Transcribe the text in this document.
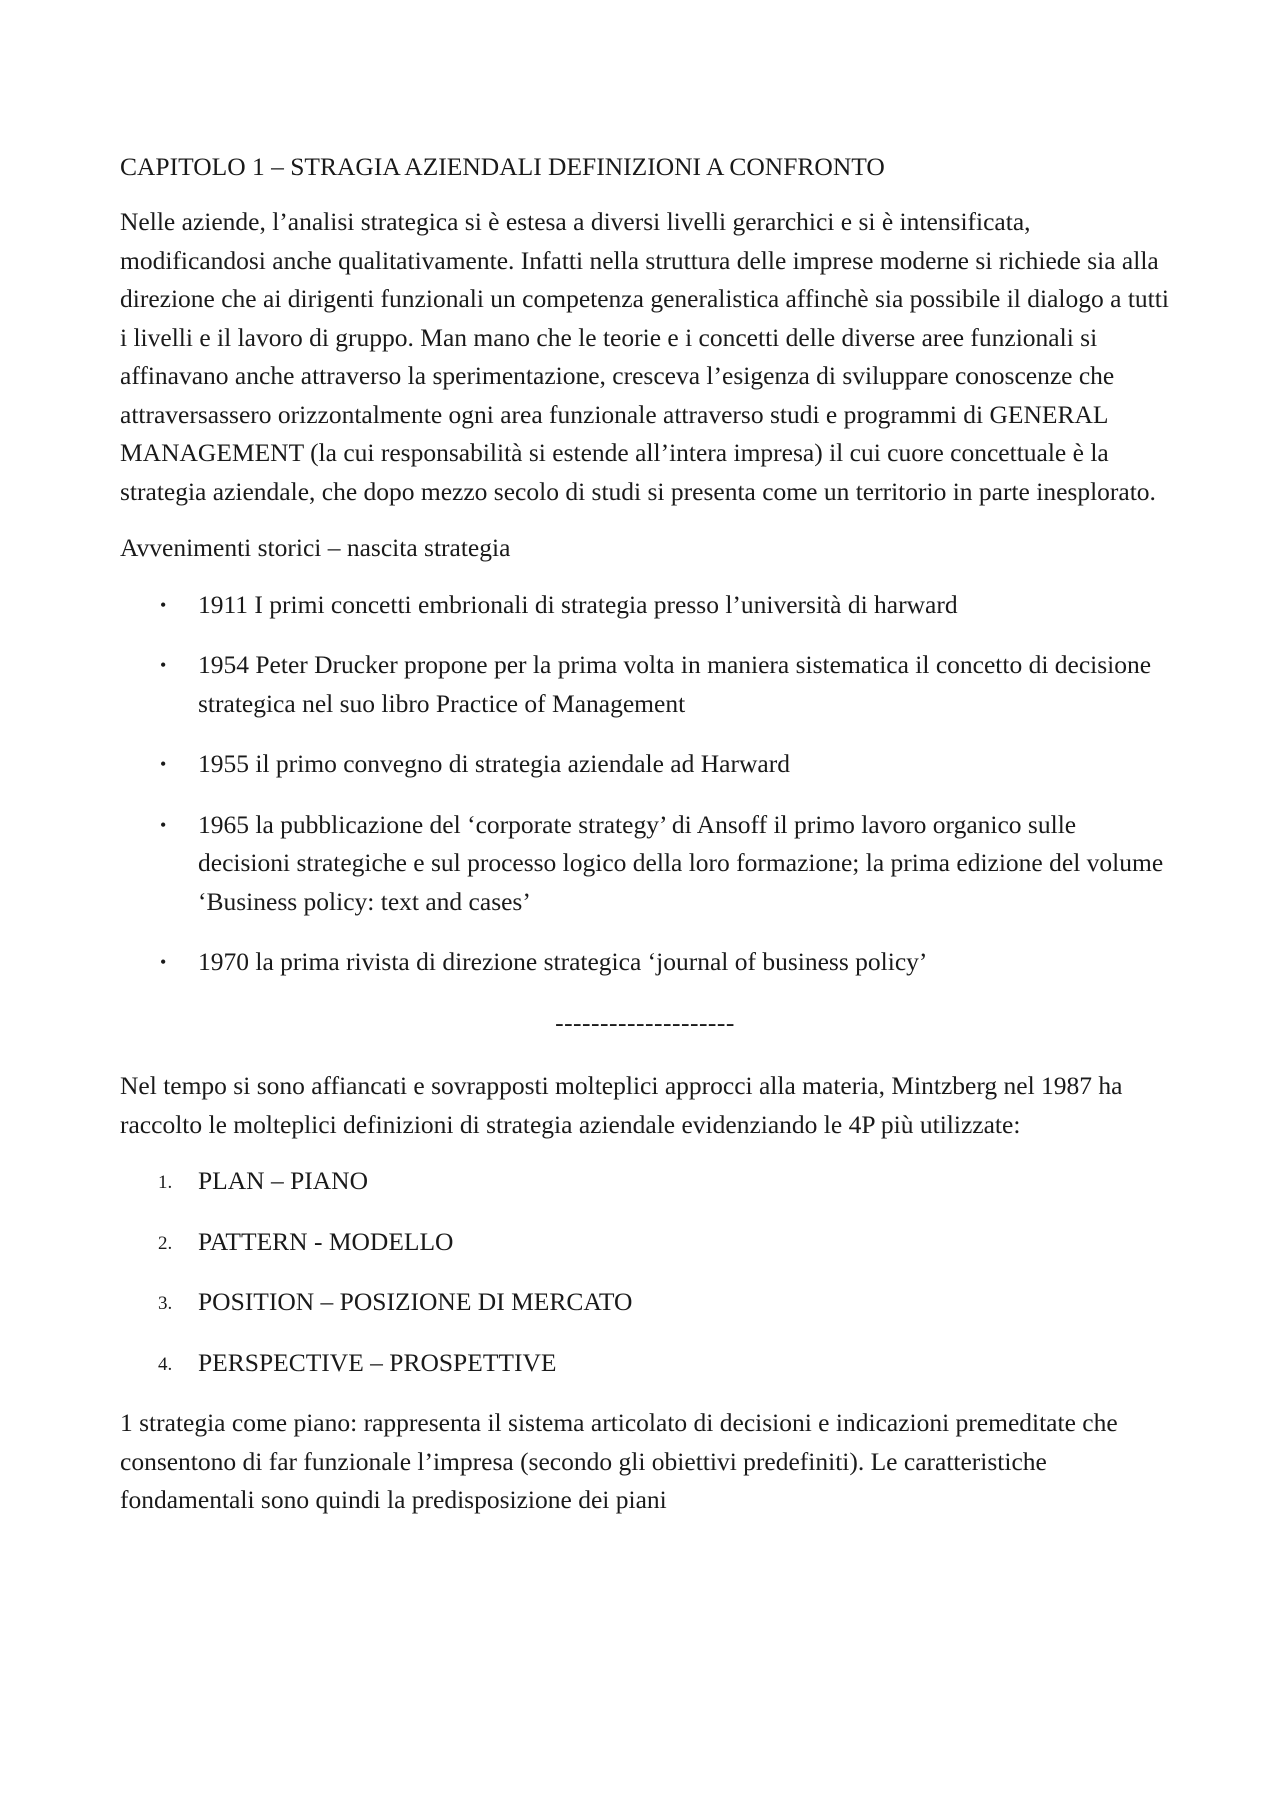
CAPITOLO 1 – STRAGIA AZIENDALI DEFINIZIONI A CONFRONTO

Nelle aziende, l’analisi strategica si è estesa a diversi livelli gerarchici e si è intensificata, modificandosi anche qualitativamente. Infatti nella struttura delle imprese moderne si richiede sia alla direzione che ai dirigenti funzionali un competenza generalistica affinchè sia possibile il dialogo a tutti i livelli e il lavoro di gruppo. Man mano che le teorie e i concetti delle diverse aree funzionali si affinavano anche attraverso la sperimentazione, cresceva l’esigenza di sviluppare conoscenze che attraversassero orizzontalmente ogni area funzionale attraverso studi e programmi di GENERAL MANAGEMENT (la cui responsabilità si estende all’intera impresa) il cui cuore concettuale è la strategia aziendale, che dopo mezzo secolo di studi si presenta come un territorio in parte inesplorato.

Avvenimenti storici – nascita strategia

• 1911 I primi concetti embrionali di strategia presso l’università di harward
• 1954 Peter Drucker propone per la prima volta in maniera sistematica il concetto di decisione strategica nel suo libro Practice of Management
• 1955 il primo convegno di strategia aziendale ad Harward
• 1965 la pubblicazione del ‘corporate strategy’ di Ansoff il primo lavoro organico sulle decisioni strategiche e sul processo logico della loro formazione; la prima edizione del volume ‘Business policy: text and cases’
• 1970 la prima rivista di direzione strategica ‘journal of business policy’

--------------------

Nel tempo si sono affiancati e sovrapposti molteplici approcci alla materia, Mintzberg nel 1987 ha raccolto le molteplici definizioni di strategia aziendale evidenziando le 4P più utilizzate:

1. PLAN – PIANO
2. PATTERN - MODELLO
3. POSITION – POSIZIONE DI MERCATO
4. PERSPECTIVE – PROSPETTIVE

1 strategia come piano: rappresenta il sistema articolato di decisioni e indicazioni premeditate che consentono di far funzionale l’impresa (secondo gli obiettivi predefiniti). Le caratteristiche fondamentali sono quindi la predisposizione dei piani
